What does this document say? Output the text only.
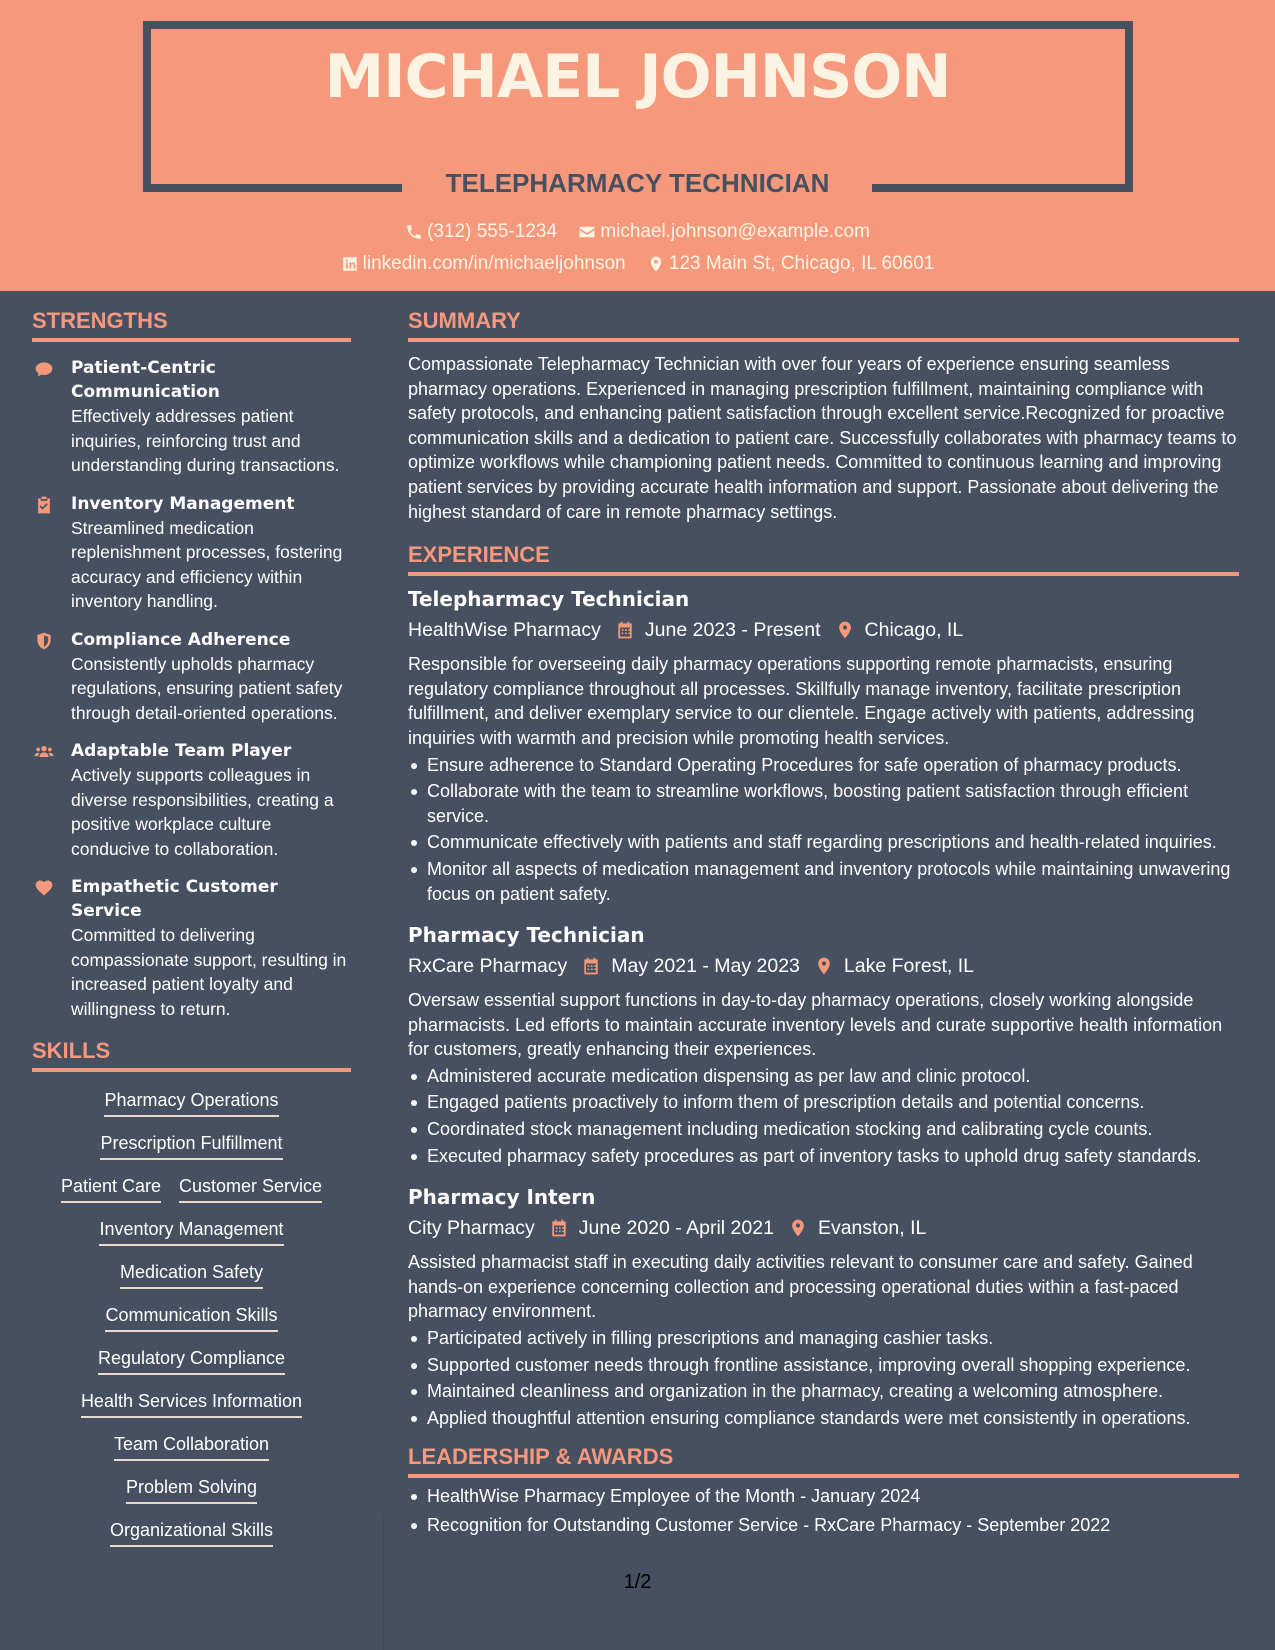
MICHAEL JOHNSON
TELEPHARMACY TECHNICIAN
(312) 555-1234
michael.johnson@example.com
linkedin.com/in/michaeljohnson
123 Main St, Chicago, IL 60601
STRENGTHS
Patient-Centric Communication
Effectively addresses patient inquiries, reinforcing trust and understanding during transactions.
Inventory Management
Streamlined medication replenishment processes, fostering accuracy and efficiency within inventory handling.
Compliance Adherence
Consistently upholds pharmacy regulations, ensuring patient safety through detail-oriented operations.
Adaptable Team Player
Actively supports colleagues in diverse responsibilities, creating a positive workplace culture conducive to collaboration.
Empathetic Customer Service
Committed to delivering compassionate support, resulting in increased patient loyalty and willingness to return.
SKILLS
Pharmacy Operations
Prescription Fulfillment
Patient Care Customer Service
Inventory Management
Medication Safety
Communication Skills
Regulatory Compliance
Health Services Information
Team Collaboration
Problem Solving
Organizational Skills
SUMMARY

Compassionate Telepharmacy Technician with over four years of experience ensuring seamless pharmacy operations. Experienced in managing prescription fulfillment, maintaining compliance with safety protocols, and enhancing patient satisfaction through excellent service.Recognized for proactive communication skills and a dedication to patient care. Successfully collaborates with pharmacy teams to optimize workflows while championing patient needs. Committed to continuous learning and improving patient services by providing accurate health information and support. Passionate about delivering the highest standard of care in remote pharmacy settings.

EXPERIENCE
Telepharmacy Technician
HealthWise Pharmacy June 2023 - Present Chicago, IL

Responsible for overseeing daily pharmacy operations supporting remote pharmacists, ensuring regulatory compliance throughout all processes. Skillfully manage inventory, facilitate prescription fulfillment, and deliver exemplary service to our clientele. Engage actively with patients, addressing inquiries with warmth and precision while promoting health services.

Ensure adherence to Standard Operating Procedures for safe operation of pharmacy products.
Collaborate with the team to streamline workflows, boosting patient satisfaction through efficient service.
Communicate effectively with patients and staff regarding prescriptions and health-related inquiries.
Monitor all aspects of medication management and inventory protocols while maintaining unwavering focus on patient safety.
Pharmacy Technician
RxCare Pharmacy May 2021 - May 2023 Lake Forest, IL

Oversaw essential support functions in day-to-day pharmacy operations, closely working alongside pharmacists. Led efforts to maintain accurate inventory levels and curate supportive health information for customers, greatly enhancing their experiences.

Administered accurate medication dispensing as per law and clinic protocol.
Engaged patients proactively to inform them of prescription details and potential concerns.
Coordinated stock management including medication stocking and calibrating cycle counts.
Executed pharmacy safety procedures as part of inventory tasks to uphold drug safety standards.
Pharmacy Intern
City Pharmacy June 2020 - April 2021 Evanston, IL

Assisted pharmacist staff in executing daily activities relevant to consumer care and safety. Gained hands-on experience concerning collection and processing operational duties within a fast-paced pharmacy environment.

Participated actively in filling prescriptions and managing cashier tasks.
Supported customer needs through frontline assistance, improving overall shopping experience.
Maintained cleanliness and organization in the pharmacy, creating a welcoming atmosphere.
Applied thoughtful attention ensuring compliance standards were met consistently in operations.
LEADERSHIP & AWARDS
HealthWise Pharmacy Employee of the Month - January 2024
Recognition for Outstanding Customer Service - RxCare Pharmacy - September 2022
1/2
